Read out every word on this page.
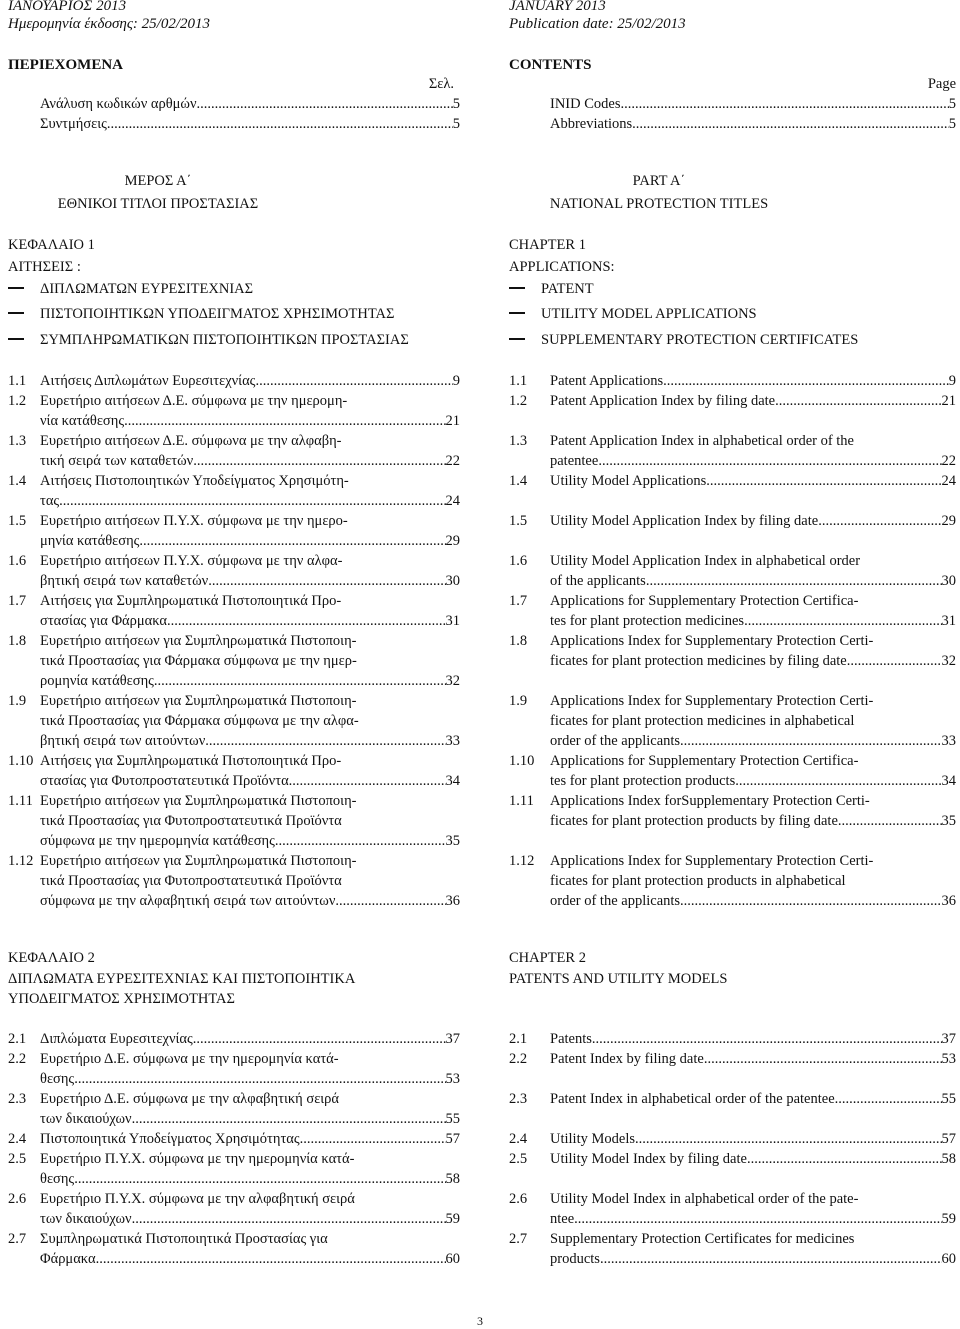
ΙΑΝΟΥΑΡΙΟΣ 2013
Ημερομηνία έκδοσης: 25/02/2013
ΠΕΡΙΕΧΟΜΕΝΑ
Σελ.
Ανάλυση κωδικών αρθμών .....	5
Συντμήσεις .....	5
ΜΕΡΟΣ Α΄
ΕΘΝΙΚΟΙ ΤΙΤΛΟΙ ΠΡΟΣΤΑΣΙΑΣ
ΚΕΦΑΛΑΙΟ 1
ΑΙΤΗΣΕΙΣ :
ΔΙΠΛΩΜΑΤΩΝ ΕΥΡΕΣΙΤΕΧΝΙΑΣ
ΠΙΣΤΟΠΟΙΗΤΙΚΩΝ ΥΠΟΔΕΙΓΜΑΤΟΣ ΧΡΗΣΙΜΟΤΗΤΑΣ
ΣΥΜΠΛΗΡΩΜΑΤΙΚΩΝ ΠΙΣΤΟΠΟΙΗΤΙΚΩΝ ΠΡΟΣΤΑΣΙΑΣ
1.1 Αιτήσεις Διπλωμάτων Ευρεσιτεχνίας .....	9
1.2 Ευρετήριο αιτήσεων Δ.Ε. σύμφωνα με την ημερομη-
νία κατάθεσης .....	21
1.3 Ευρετήριο αιτήσεων Δ.Ε. σύμφωνα με την αλφαβη-
τική σειρά των καταθετών .....	22
1.4 Αιτήσεις Πιστοποιητικών Υποδείγματος Χρησιμότη-
τας .....	24
1.5 Ευρετήριο αιτήσεων Π.Υ.Χ. σύμφωνα με την ημερο-
μηνία κατάθεσης .....	29
1.6 Ευρετήριο αιτήσεων Π.Υ.Χ. σύμφωνα με την αλφα-
βητική σειρά των καταθετών .....	30
1.7 Αιτήσεις για Συμπληρωματικά Πιστοποιητικά Προ-
στασίας για Φάρμακα .....	31
1.8 Ευρετήριο αιτήσεων για Συμπληρωματικά Πιστοποιη-
τικά Προστασίας για Φάρμακα σύμφωνα με την ημερ-
ρομηνία κατάθεσης .....	32
1.9 Ευρετήριο αιτήσεων για Συμπληρωματικά Πιστοποιη-
τικά Προστασίας για Φάρμακα σύμφωνα με την αλφα-
βητική σειρά των αιτούντων .....	33
1.10 Αιτήσεις για Συμπληρωματικά Πιστοποιητικά Προ-
στασίας για Φυτοπροστατευτικά Προϊόντα .....	34
1.11 Ευρετήριο αιτήσεων για Συμπληρωματικά Πιστοποιη-
τικά Προστασίας για Φυτοπροστατευτικά Προϊόντα
σύμφωνα με την ημερομηνία κατάθεσης .....	35
1.12 Ευρετήριο αιτήσεων για Συμπληρωματικά Πιστοποιη-
τικά Προστασίας για Φυτοπροστατευτικά Προϊόντα
σύμφωνα με την αλφαβητική σειρά των αιτούντων .....	36
ΚΕΦΑΛΑΙΟ 2
ΔΙΠΛΩΜΑΤΑ ΕΥΡΕΣΙΤΕΧΝΙΑΣ ΚΑΙ ΠΙΣΤΟΠΟΙΗΤΙΚΑ
ΥΠΟΔΕΙΓΜΑΤΟΣ ΧΡΗΣΙΜΟΤΗΤΑΣ
2.1 Διπλώματα Ευρεσιτεχνίας .....	37
2.2 Ευρετήριο Δ.Ε. σύμφωνα με την ημερομηνία κατά-
θεσης .....	53
2.3 Ευρετήριο Δ.Ε. σύμφωνα με την αλφαβητική σειρά
των δικαιούχων .....	55
2.4 Πιστοποιητικά Υποδείγματος Χρησιμότητας .....	57
2.5 Ευρετήριο Π.Υ.Χ. σύμφωνα με την ημερομηνία κατά-
θεσης .....	58
2.6 Ευρετήριο Π.Υ.Χ. σύμφωνα με την αλφαβητική σειρά
των δικαιούχων .....	59
2.7 Συμπληρωματικά Πιστοποιητικά Προστασίας για
Φάρμακα .....	60
JANUARY 2013
Publication date: 25/02/2013
CONTENTS
Page
INID Codes .....	5
Abbreviations .....	5
PART A΄
NATIONAL PROTECTION TITLES
CHAPTER 1
APPLICATIONS:
PATENT
UTILITY MODEL APPLICATIONS
SUPPLEMENTARY PROTECTION CERTIFICATES
1.1 Patent Applications .....	9
1.2 Patent Application Index by filing date .....	21
1.3 Patent Application Index in alphabetical order of the
patentee .....	22
1.4 Utility Model Applications .....	24
1.5 Utility Model Application Index by filing date .....	29
1.6 Utility Model Application Index in alphabetical order
of the applicants .....	30
1.7 Applications for Supplementary Protection Certifica-
tes for plant protection medicines .....	31
1.8 Applications Index for Supplementary Protection Certi-
ficates for plant protection medicines by filing date .....	32
1.9 Applications Index for Supplementary Protection Certi-
ficates for plant protection medicines in alphabetical
order of the applicants .....	33
1.10 Applications for Supplementary Protection Certifica-
tes for plant protection products .....	34
1.11 Applications Index forSupplementary Protection Certi-
ficates for plant protection products by filing date. .....	35
1.12 Applications Index for Supplementary Protection Certi-
ficates for plant protection products in alphabetical
order of the applicants .....	36
CHAPTER 2
PATENTS AND UTILITY MODELS
2.1 Patents .....	37
2.2 Patent Index by filing date .....	53
2.3 Patent Index in alphabetical order of the patentee .....	55
2.4 Utility Models .....	57
2.5 Utility Model Index by filing date .....	58
2.6 Utility Model Index in alphabetical order of the pate-
ntee .....	59
2.7 Supplementary Protection Certificates for medicines
products .....	60
3
